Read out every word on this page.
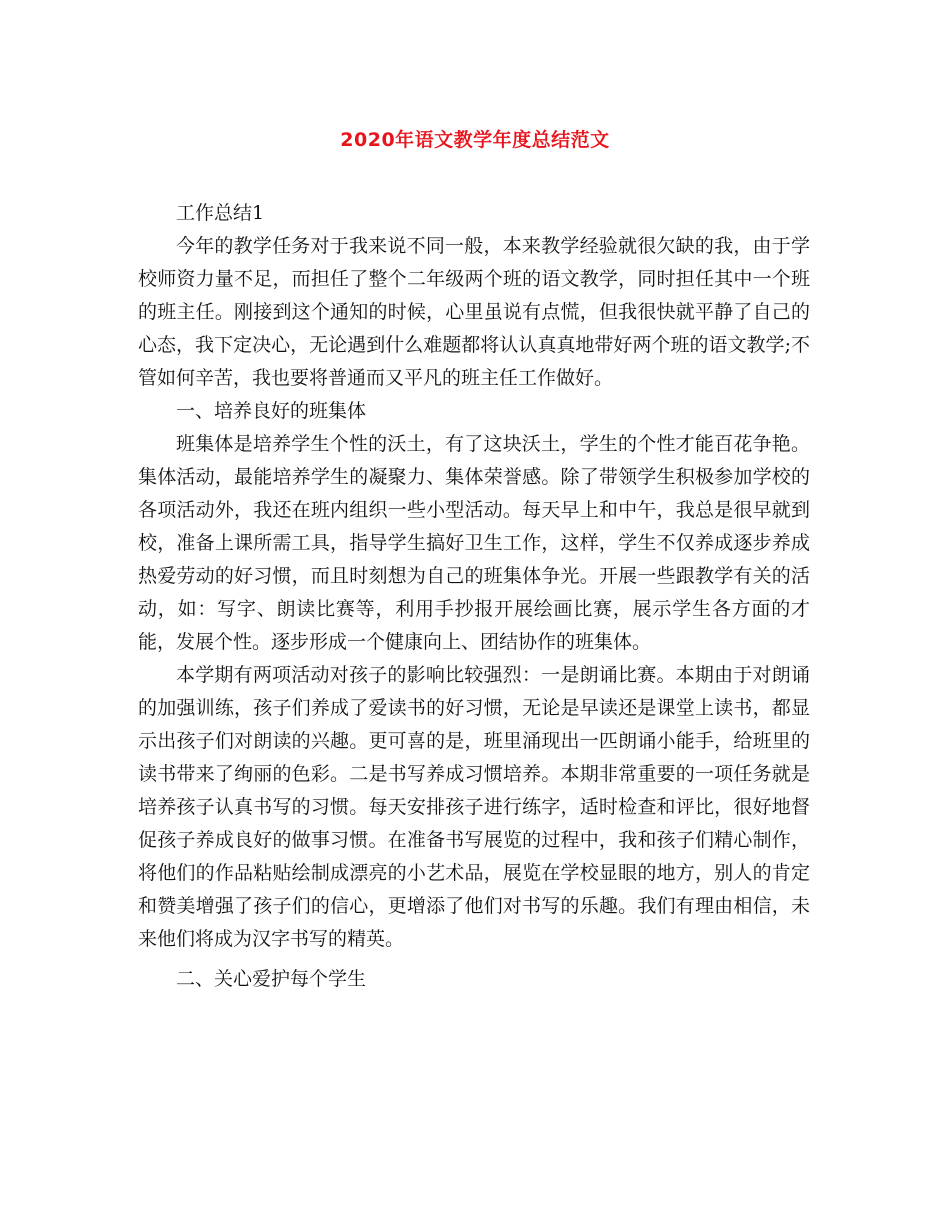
2020年语文教学年度总结范文

工作总结1

今年的教学任务对于我来说不同一般，本来教学经验就很欠缺的我，由于学校师资力量不足，而担任了整个二年级两个班的语文教学，同时担任其中一个班的班主任。刚接到这个通知的时候，心里虽说有点慌，但我很快就平静了自己的心态，我下定决心，无论遇到什么难题都将认认真真地带好两个班的语文教学;不管如何辛苦，我也要将普通而又平凡的班主任工作做好。

一、培养良好的班集体

班集体是培养学生个性的沃土，有了这块沃土，学生的个性才能百花争艳。集体活动，最能培养学生的凝聚力、集体荣誉感。除了带领学生积极参加学校的各项活动外，我还在班内组织一些小型活动。每天早上和中午，我总是很早就到校，准备上课所需工具，指导学生搞好卫生工作，这样，学生不仅养成逐步养成热爱劳动的好习惯，而且时刻想为自己的班集体争光。开展一些跟教学有关的活动，如：写字、朗读比赛等，利用手抄报开展绘画比赛，展示学生各方面的才能，发展个性。逐步形成一个健康向上、团结协作的班集体。

本学期有两项活动对孩子的影响比较强烈：一是朗诵比赛。本期由于对朗诵的加强训练，孩子们养成了爱读书的好习惯，无论是早读还是课堂上读书，都显示出孩子们对朗读的兴趣。更可喜的是，班里涌现出一匹朗诵小能手，给班里的读书带来了绚丽的色彩。二是书写养成习惯培养。本期非常重要的一项任务就是培养孩子认真书写的习惯。每天安排孩子进行练字，适时检查和评比，很好地督促孩子养成良好的做事习惯。在准备书写展览的过程中，我和孩子们精心制作，将他们的作品粘贴绘制成漂亮的小艺术品，展览在学校显眼的地方，别人的肯定和赞美增强了孩子们的信心，更增添了他们对书写的乐趣。我们有理由相信，未来他们将成为汉字书写的精英。

二、关心爱护每个学生
